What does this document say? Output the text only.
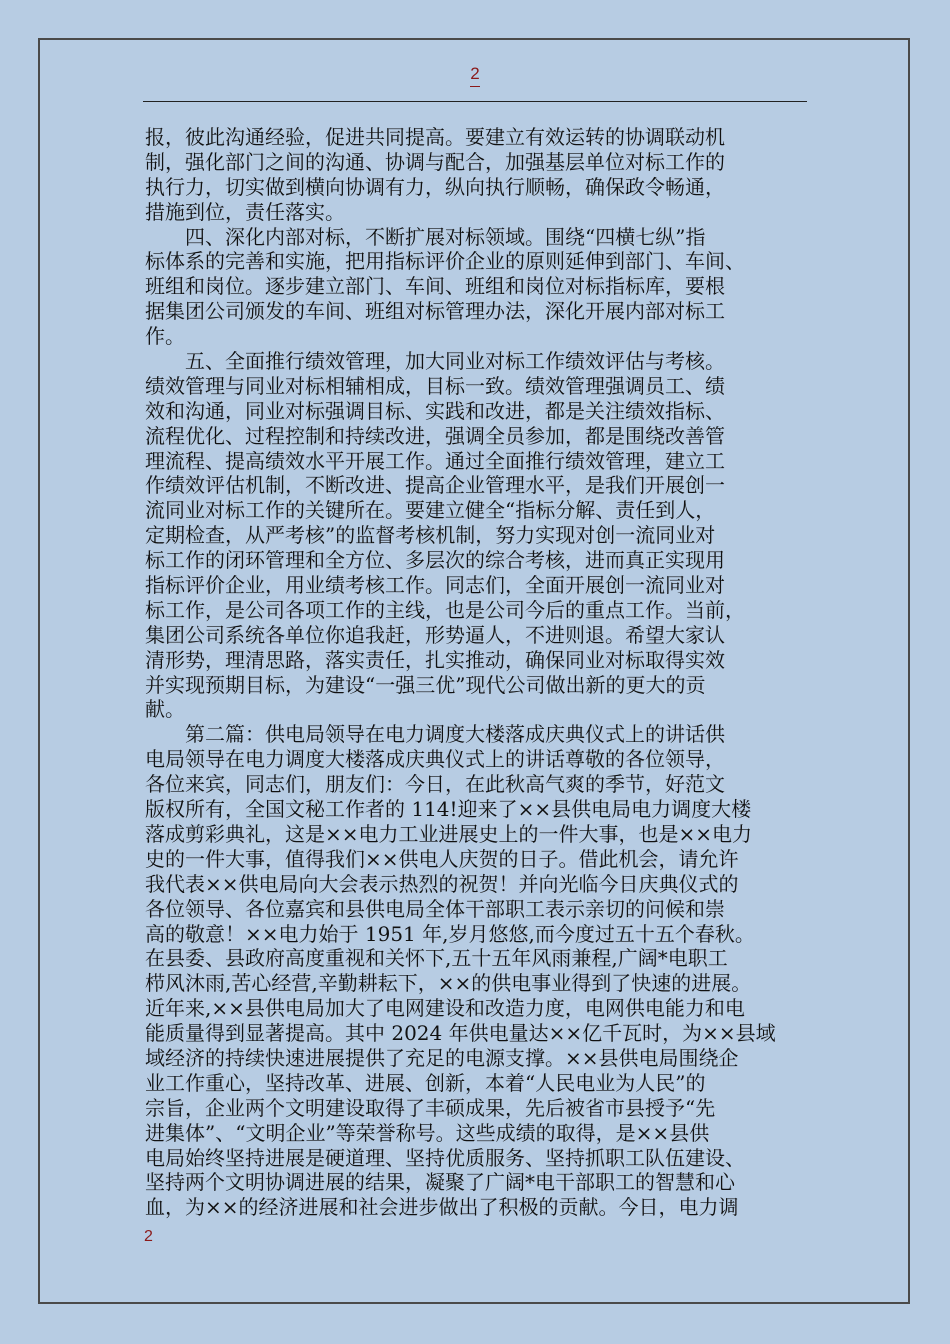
2

报，彼此沟通经验，促进共同提高。要建立有效运转的协调联动机

制，强化部门之间的沟通、协调与配合，加强基层单位对标工作的

执行力，切实做到横向协调有力，纵向执行顺畅，确保政令畅通，

措施到位，责任落实。

　　四、深化内部对标，不断扩展对标领域。围绕“四横七纵”指

标体系的完善和实施，把用指标评价企业的原则延伸到部门、车间、

班组和岗位。逐步建立部门、车间、班组和岗位对标指标库，要根

据集团公司颁发的车间、班组对标管理办法，深化开展内部对标工

作。

　　五、全面推行绩效管理，加大同业对标工作绩效评估与考核。

绩效管理与同业对标相辅相成，目标一致。绩效管理强调员工、绩

效和沟通，同业对标强调目标、实践和改进，都是关注绩效指标、

流程优化、过程控制和持续改进，强调全员参加，都是围绕改善管

理流程、提高绩效水平开展工作。通过全面推行绩效管理，建立工

作绩效评估机制，不断改进、提高企业管理水平，是我们开展创一

流同业对标工作的关键所在。要建立健全“指标分解、责任到人，

定期检查，从严考核”的监督考核机制，努力实现对创一流同业对

标工作的闭环管理和全方位、多层次的综合考核，进而真正实现用

指标评价企业，用业绩考核工作。同志们，全面开展创一流同业对

标工作，是公司各项工作的主线，也是公司今后的重点工作。当前，

集团公司系统各单位你追我赶，形势逼人，不进则退。希望大家认

清形势，理清思路，落实责任，扎实推动，确保同业对标取得实效

并实现预期目标，为建设“一强三优”现代公司做出新的更大的贡

献。

　　第二篇：供电局领导在电力调度大楼落成庆典仪式上的讲话供

电局领导在电力调度大楼落成庆典仪式上的讲话尊敬的各位领导，

各位来宾，同志们，朋友们：今日，在此秋高气爽的季节，好范文

版权所有，全国文秘工作者的 114!迎来了××县供电局电力调度大楼

落成剪彩典礼，这是××电力工业进展史上的一件大事，也是××电力

史的一件大事，值得我们××供电人庆贺的日子。借此机会，请允许

我代表××供电局向大会表示热烈的祝贺！并向光临今日庆典仪式的

各位领导、各位嘉宾和县供电局全体干部职工表示亲切的问候和崇

高的敬意！××电力始于 1951 年,岁月悠悠,而今度过五十五个春秋。

在县委、县政府高度重视和关怀下,五十五年风雨兼程,广阔*电职工

栉风沐雨,苦心经营,辛勤耕耘下，××的供电事业得到了快速的进展。

近年来,××县供电局加大了电网建设和改造力度，电网供电能力和电

能质量得到显著提高。其中 2024 年供电量达××亿千瓦时，为××县域

域经济的持续快速进展提供了充足的电源支撑。××县供电局围绕企

业工作重心，坚持改革、进展、创新，本着“人民电业为人民”的

宗旨，企业两个文明建设取得了丰硕成果，先后被省市县授予“先

进集体”、“文明企业”等荣誉称号。这些成绩的取得，是××县供

电局始终坚持进展是硬道理、坚持优质服务、坚持抓职工队伍建设、

坚持两个文明协调进展的结果，凝聚了广阔*电干部职工的智慧和心

血，为××的经济进展和社会进步做出了积极的贡献。今日，电力调

2
